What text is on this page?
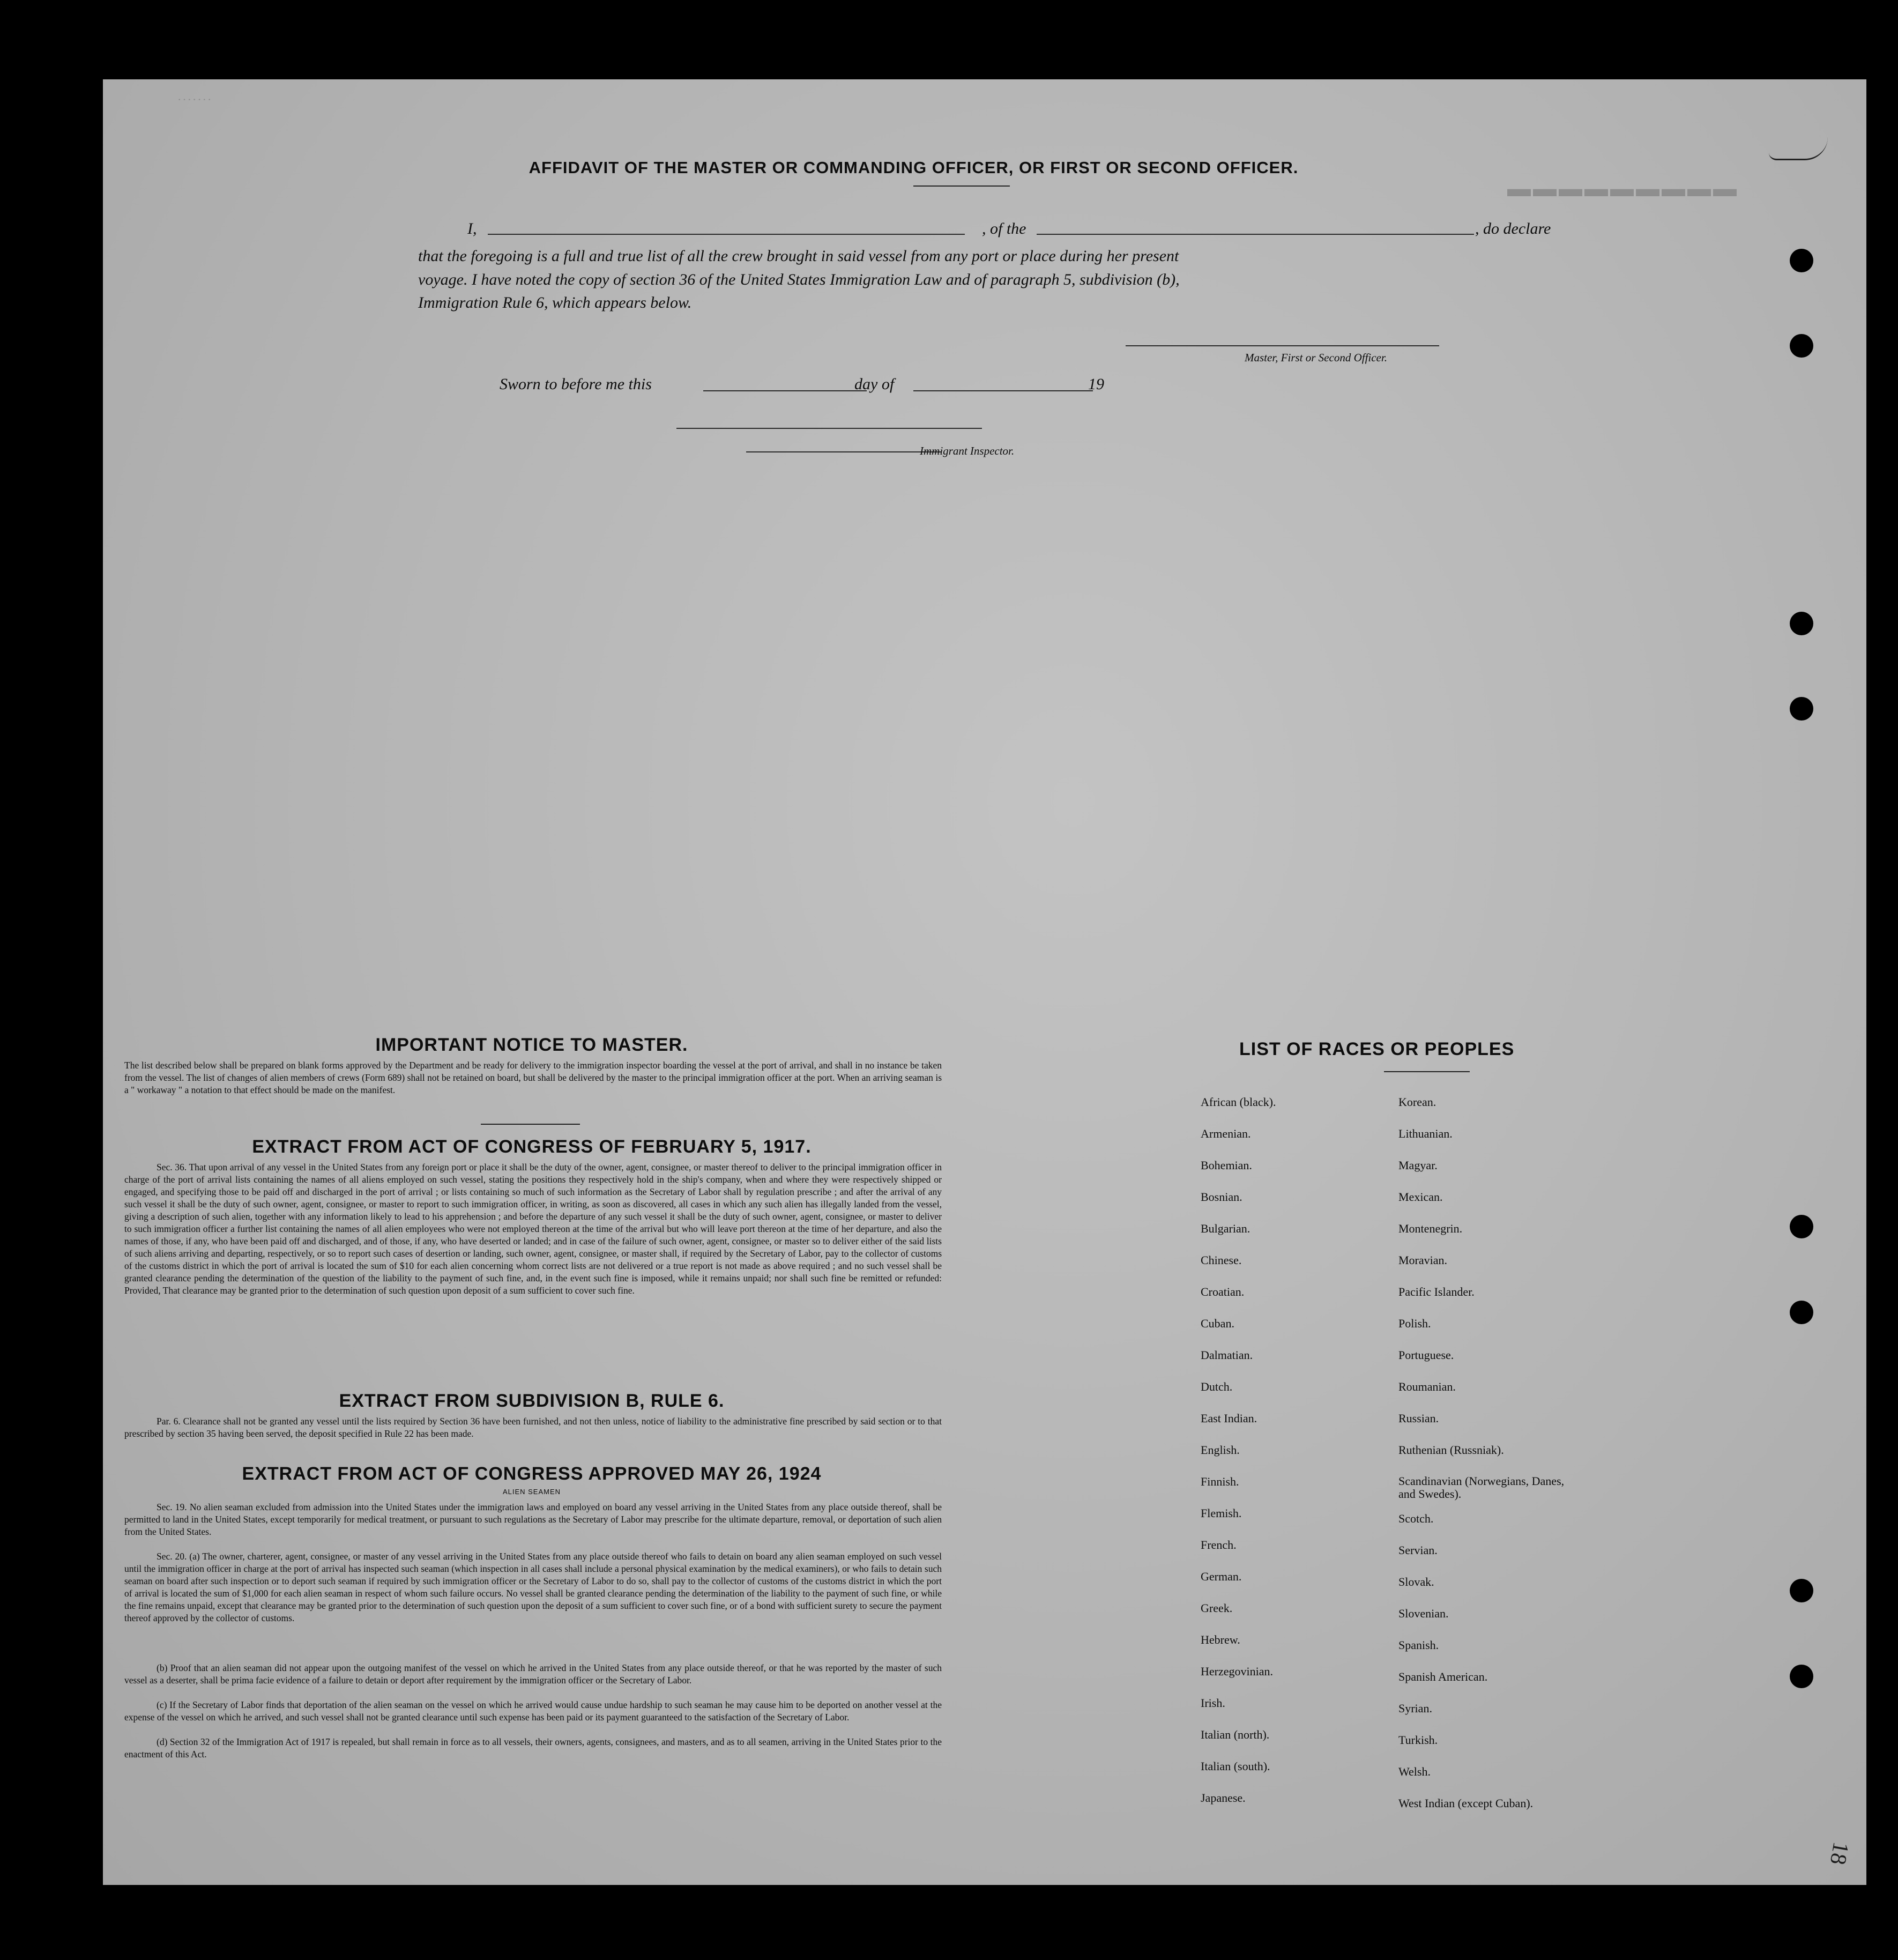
· · · · · · ·
▬▬▬▬▬▬▬▬▬
AFFIDAVIT OF THE MASTER OR COMMANDING OFFICER, OR FIRST OR SECOND OFFICER.
I,	, of the	, do declare
that the foregoing is a full and true list of all the crew brought in said vessel from any port or place during her present
voyage. I have noted the copy of section 36 of the United States Immigration Law and of paragraph 5, subdivision (b),
Immigration Rule 6, which appears below.
Master, First or Second Officer.
Sworn to before me this	day of	19
Immigrant Inspector.
IMPORTANT NOTICE TO MASTER.
The list described below shall be prepared on blank forms approved by the Department and be ready for delivery to the immigration inspector boarding the vessel at the port of arrival, and shall in no instance be taken from the vessel. The list of changes of alien members of crews (Form 689) shall not be retained on board, but shall be delivered by the master to the principal immigration officer at the port. When an arriving seaman is a " workaway " a notation to that effect should be made on the manifest.
EXTRACT FROM ACT OF CONGRESS OF FEBRUARY 5, 1917.
Sec. 36. That upon arrival of any vessel in the United States from any foreign port or place it shall be the duty of the owner, agent, consignee, or master thereof to deliver to the principal immigration officer in charge of the port of arrival lists containing the names of all aliens employed on such vessel, stating the positions they respectively hold in the ship's company, when and where they were respectively shipped or engaged, and specifying those to be paid off and discharged in the port of arrival ; or lists containing so much of such information as the Secretary of Labor shall by regulation prescribe ; and after the arrival of any such vessel it shall be the duty of such owner, agent, consignee, or master to report to such immigration officer, in writing, as soon as discovered, all cases in which any such alien has illegally landed from the vessel, giving a description of such alien, together with any information likely to lead to his apprehension ; and before the departure of any such vessel it shall be the duty of such owner, agent, consignee, or master to deliver to such immigration officer a further list containing the names of all alien employees who were not employed thereon at the time of the arrival but who will leave port thereon at the time of her departure, and also the names of those, if any, who have been paid off and discharged, and of those, if any, who have deserted or landed; and in case of the failure of such owner, agent, consignee, or master so to deliver either of the said lists of such aliens arriving and departing, respectively, or so to report such cases of desertion or landing, such owner, agent, consignee, or master shall, if required by the Secretary of Labor, pay to the collector of customs of the customs district in which the port of arrival is located the sum of $10 for each alien concerning whom correct lists are not delivered or a true report is not made as above required ; and no such vessel shall be granted clearance pending the determination of the question of the liability to the payment of such fine, and, in the event such fine is imposed, while it remains unpaid; nor shall such fine be remitted or refunded: Provided, That clearance may be granted prior to the determination of such question upon deposit of a sum sufficient to cover such fine.
EXTRACT FROM SUBDIVISION B, RULE 6.
Par. 6. Clearance shall not be granted any vessel until the lists required by Section 36 have been furnished, and not then unless, notice of liability to the administrative fine prescribed by said section or to that prescribed by section 35 having been served, the deposit specified in Rule 22 has been made.
EXTRACT FROM ACT OF CONGRESS APPROVED MAY 26, 1924
ALIEN SEAMEN
Sec. 19. No alien seaman excluded from admission into the United States under the immigration laws and employed on board any vessel arriving in the United States from any place outside thereof, shall be permitted to land in the United States, except temporarily for medical treatment, or pursuant to such regulations as the Secretary of Labor may prescribe for the ultimate departure, removal, or deportation of such alien from the United States.
Sec. 20. (a) The owner, charterer, agent, consignee, or master of any vessel arriving in the United States from any place outside thereof who fails to detain on board any alien seaman employed on such vessel until the immigration officer in charge at the port of arrival has inspected such seaman (which inspection in all cases shall include a personal physical examination by the medical examiners), or who fails to detain such seaman on board after such inspection or to deport such seaman if required by such immigration officer or the Secretary of Labor to do so, shall pay to the collector of customs of the customs district in which the port of arrival is located the sum of $1,000 for each alien seaman in respect of whom such failure occurs. No vessel shall be granted clearance pending the determination of the liability to the payment of such fine, or while the fine remains unpaid, except that clearance may be granted prior to the determination of such question upon the deposit of a sum sufficient to cover such fine, or of a bond with sufficient surety to secure the payment thereof approved by the collector of customs.
(b) Proof that an alien seaman did not appear upon the outgoing manifest of the vessel on which he arrived in the United States from any place outside thereof, or that he was reported by the master of such vessel as a deserter, shall be prima facie evidence of a failure to detain or deport after requirement by the immigration officer or the Secretary of Labor.
(c) If the Secretary of Labor finds that deportation of the alien seaman on the vessel on which he arrived would cause undue hardship to such seaman he may cause him to be deported on another vessel at the expense of the vessel on which he arrived, and such vessel shall not be granted clearance until such expense has been paid or its payment guaranteed to the satisfaction of the Secretary of Labor.
(d) Section 32 of the Immigration Act of 1917 is repealed, but shall remain in force as to all vessels, their owners, agents, consignees, and masters, and as to all seamen, arriving in the United States prior to the enactment of this Act.
LIST OF RACES OR PEOPLES
African (black).
Armenian.
Bohemian.
Bosnian.
Bulgarian.
Chinese.
Croatian.
Cuban.
Dalmatian.
Dutch.
East Indian.
English.
Finnish.
Flemish.
French.
German.
Greek.
Hebrew.
Herzegovinian.
Irish.
Italian (north).
Italian (south).
Japanese.
Korean.
Lithuanian.
Magyar.
Mexican.
Montenegrin.
Moravian.
Pacific Islander.
Polish.
Portuguese.
Roumanian.
Russian.
Ruthenian (Russniak).
Scandinavian (Norwegians, Danes, and Swedes).
Scotch.
Servian.
Slovak.
Slovenian.
Spanish.
Spanish American.
Syrian.
Turkish.
Welsh.
West Indian (except Cuban).
18
